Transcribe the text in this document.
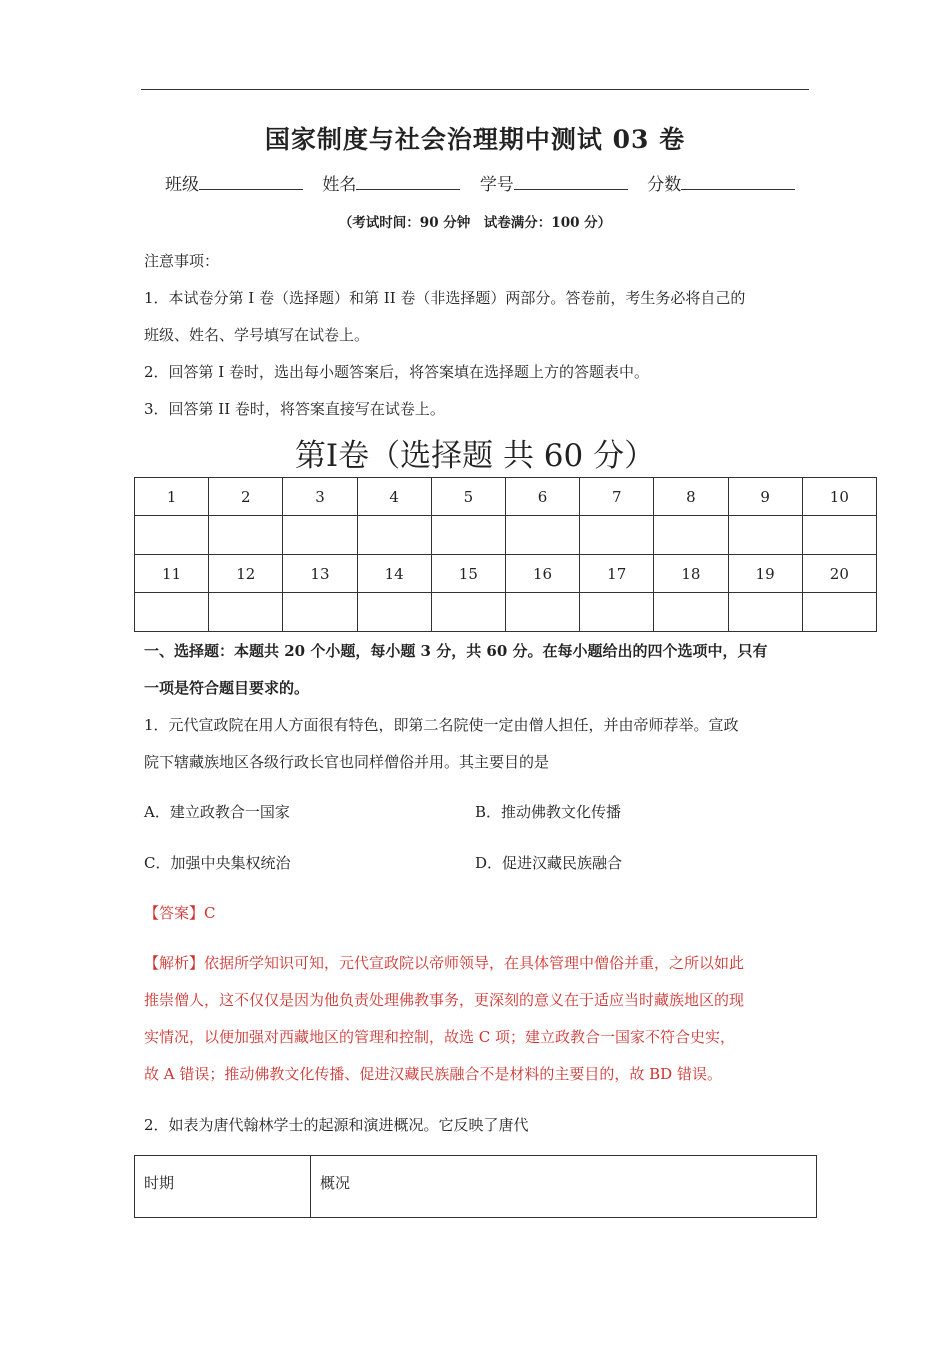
国家制度与社会治理期中测试 03 卷
班级	姓名	学号	分数
（考试时间：90 分钟　试卷满分：100 分）
注意事项：
1．本试卷分第 I 卷（选择题）和第 II 卷（非选择题）两部分。答卷前，考生务必将自己的
班级、姓名、学号填写在试卷上。
2．回答第 I 卷时，选出每小题答案后，将答案填在选择题上方的答题表中。
3．回答第 II 卷时，将答案直接写在试卷上。
第I卷（选择题 共 60 分）
1	2	3	4	5	6	7	8	9	10

11	12	13	14	15	16	17	18	19	20

一、选择题：本题共 20 个小题，每小题 3 分，共 60 分。在每小题给出的四个选项中，只有
一项是符合题目要求的。
1．元代宣政院在用人方面很有特色，即第二名院使一定由僧人担任，并由帝师荐举。宣政
院下辖藏族地区各级行政长官也同样僧俗并用。其主要目的是
A．建立政教合一国家	B．推动佛教文化传播
C．加强中央集权统治	D．促进汉藏民族融合
【答案】C
【解析】依据所学知识可知，元代宣政院以帝师领导，在具体管理中僧俗并重，之所以如此
推崇僧人，这不仅仅是因为他负责处理佛教事务，更深刻的意义在于适应当时藏族地区的现
实情况，以便加强对西藏地区的管理和控制，故选 C 项；建立政教合一国家不符合史实，
故 A 错误；推动佛教文化传播、促进汉藏民族融合不是材料的主要目的，故 BD 错误。
2．如表为唐代翰林学士的起源和演进概况。它反映了唐代
时期	概况
